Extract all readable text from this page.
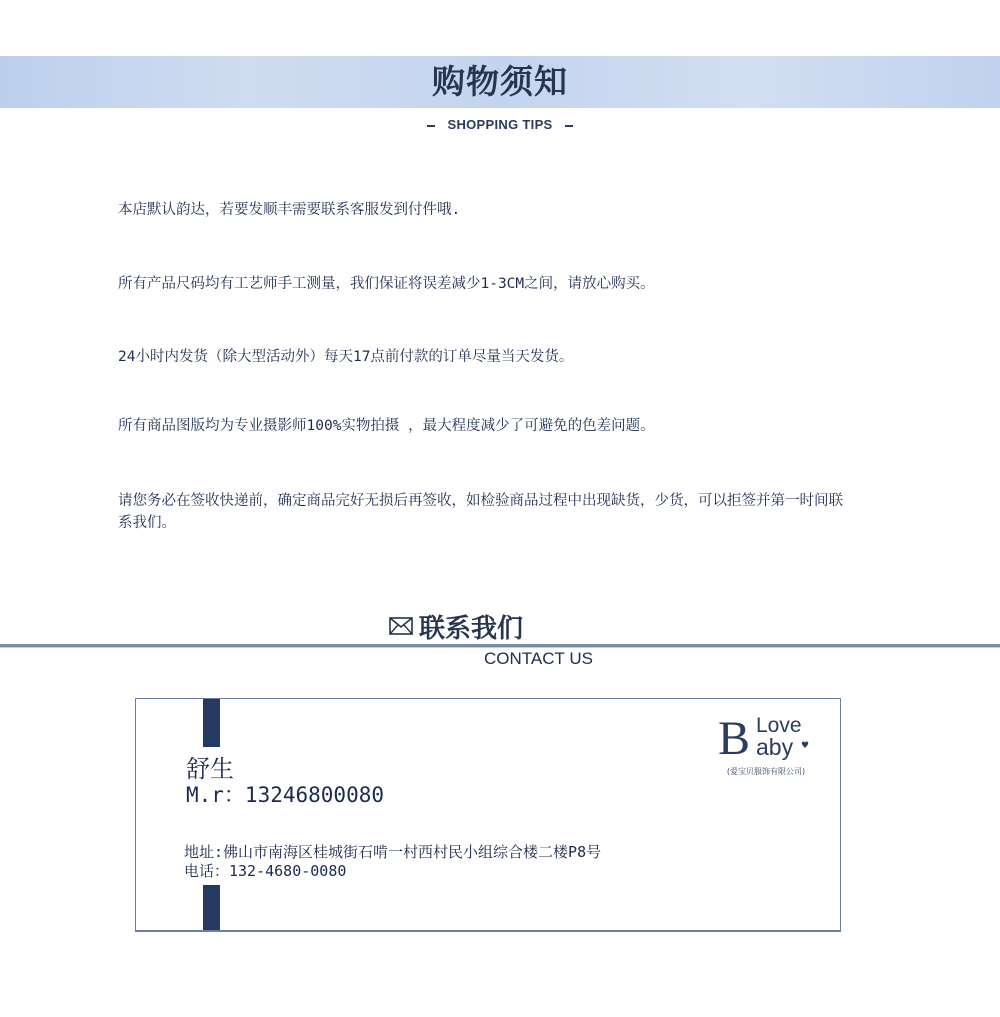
购物须知
SHOPPING TIPS
本店默认韵达，若要发顺丰需要联系客服发到付件哦.
所有产品尺码均有工艺师手工测量，我们保证将误差减少1-3CM之间，请放心购买。
24小时内发货（除大型活动外）每天17点前付款的订单尽量当天发货。
所有商品图版均为专业摄影师100%实物拍摄 ，最大程度减少了可避免的色差问题。
请您务必在签收快递前，确定商品完好无损后再签收，如检验商品过程中出现缺货，少货，可以拒签并第一时间联系我们。
联系我们
CONTACT US
舒生
M.r：13246800080
地址:佛山市南海区桂城街石啃一村西村民小组综合楼二楼P8号
电话：132-4680-0080
B Love
aby ♥
(爱宝贝服饰有限公司)
